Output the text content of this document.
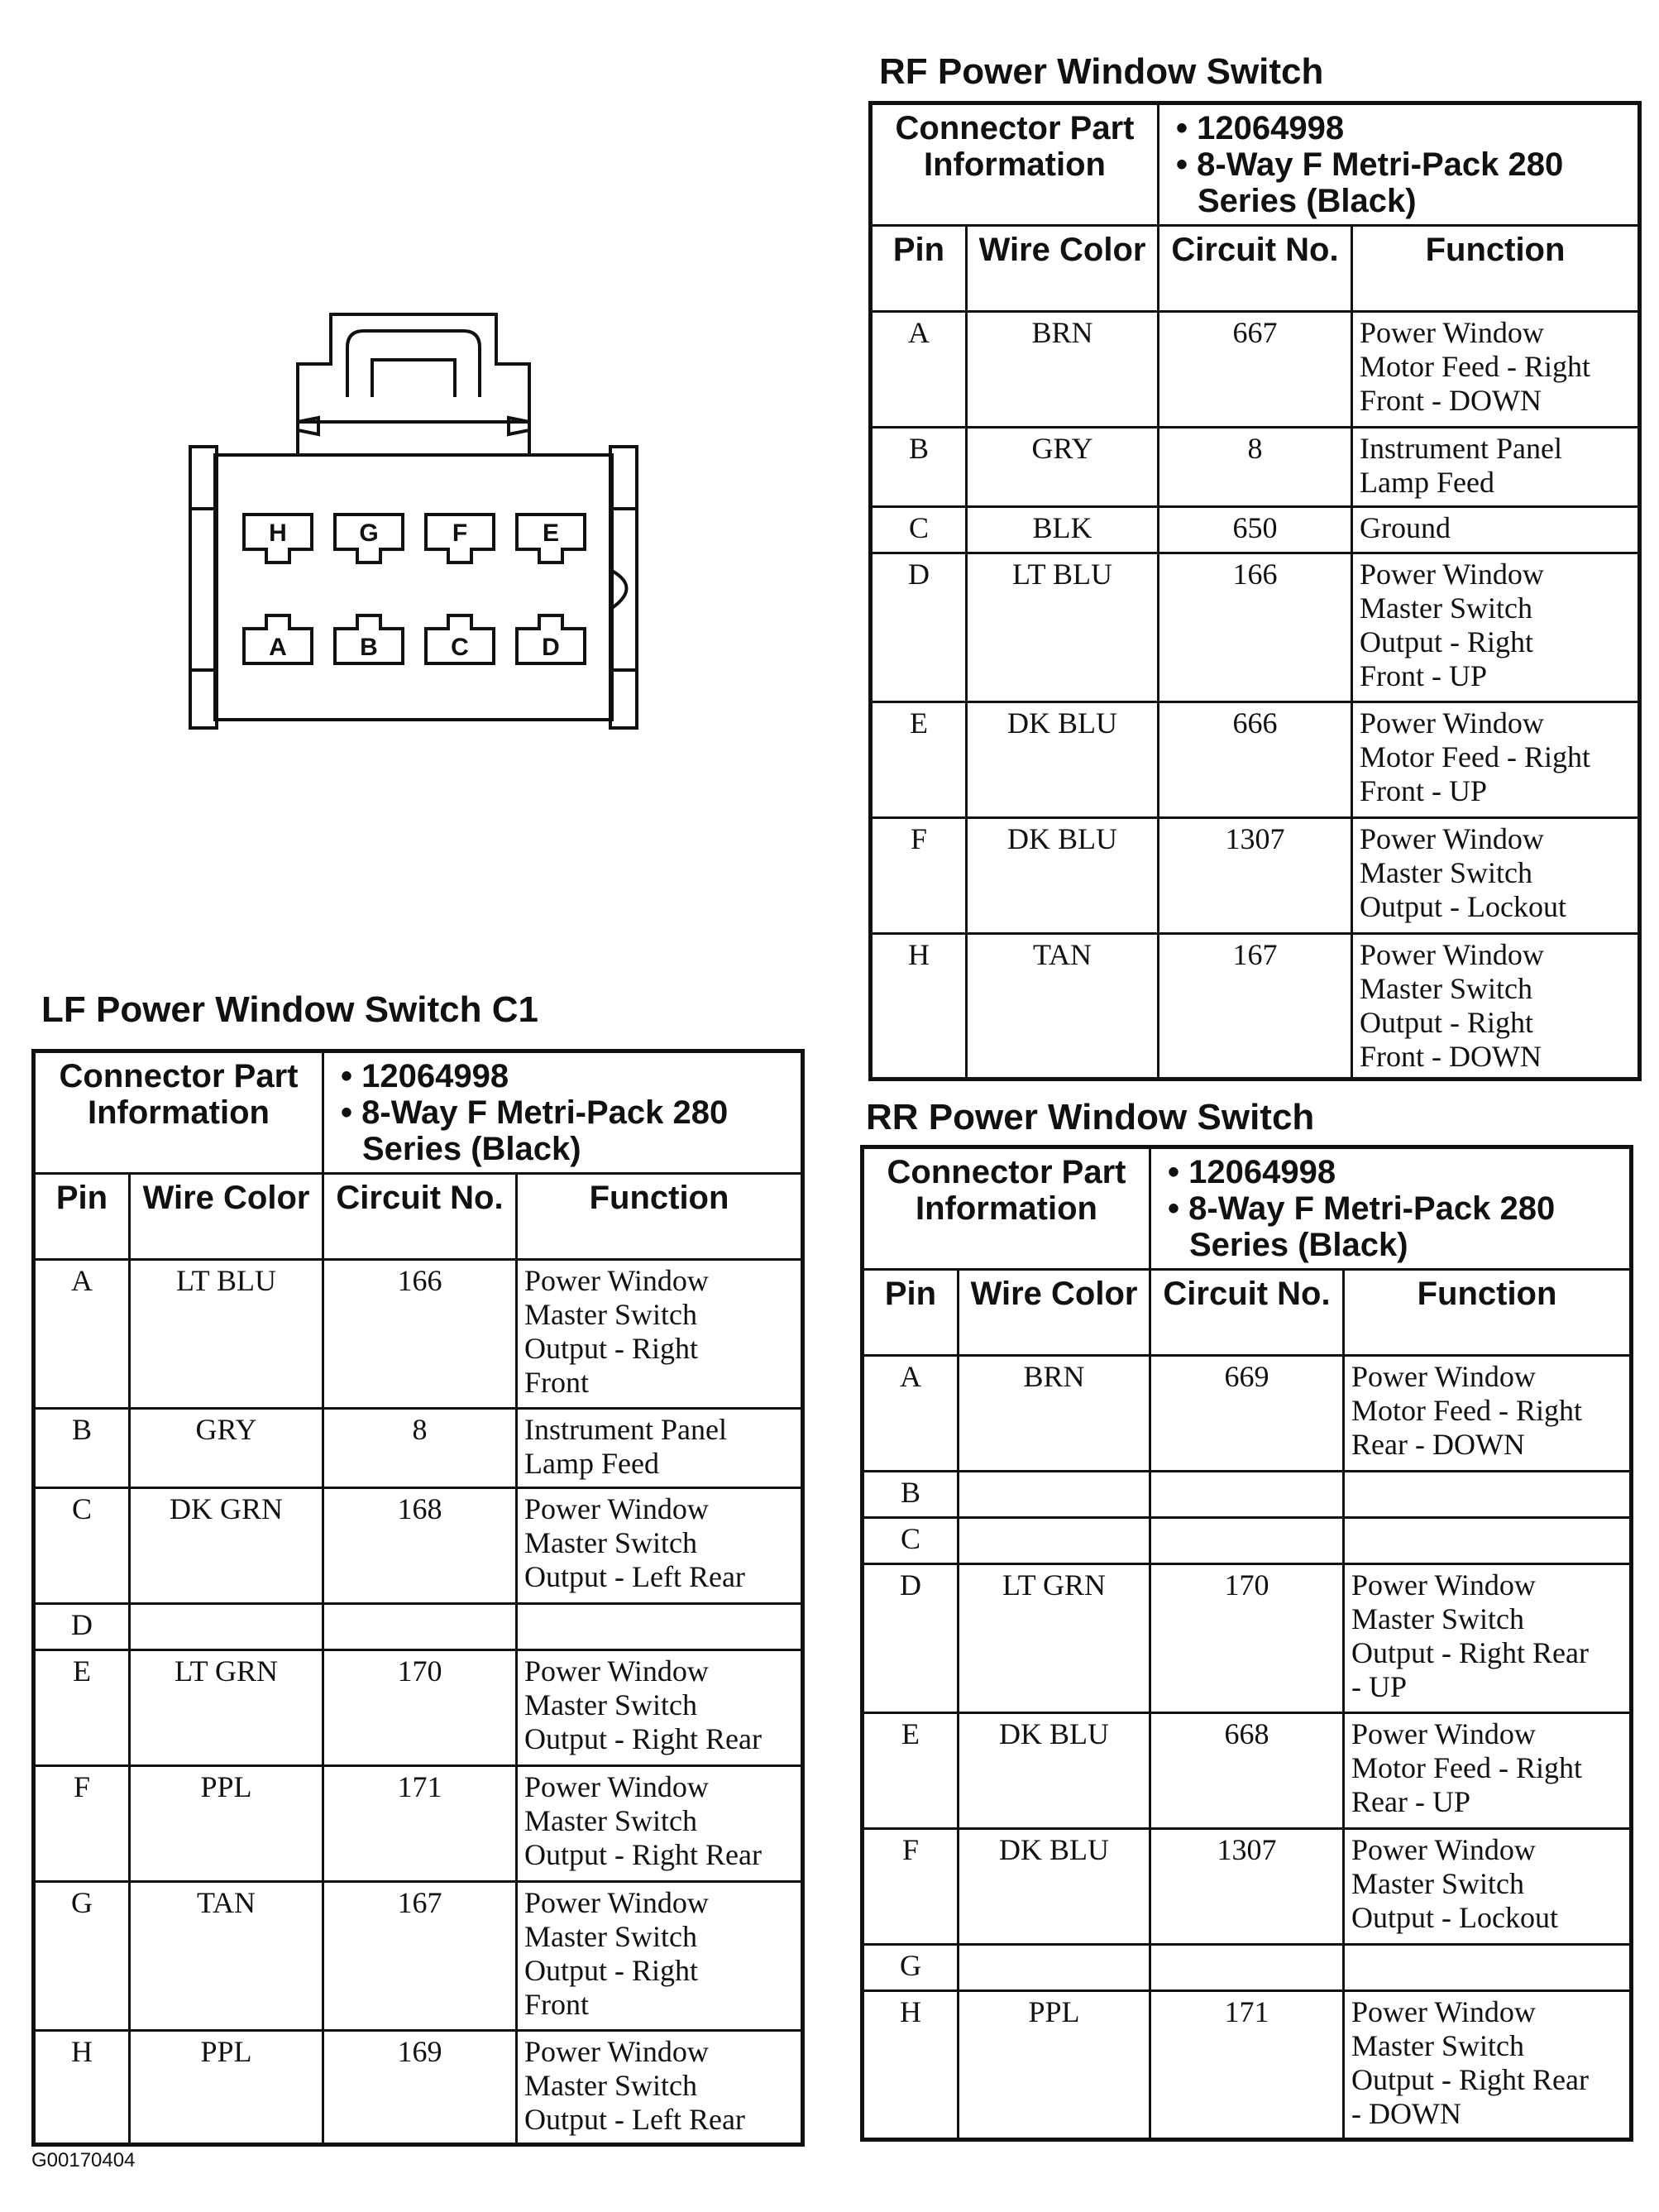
H	G	F	E
A	B	C	D
RF Power Window Switch
Connector Part Information		• 12064998
• 8-Way F Metri-Pack 280 Series (Black)

Pin	Wire Color	Circuit No.	Function
A	BRN	667	Power Window
Motor Feed - Right
Front - DOWN
B	GRY	8	Instrument Panel
Lamp Feed
C	BLK	650	Ground
D	LT BLU	166	Power Window
Master Switch
Output - Right
Front - UP
E	DK BLU	666	Power Window
Motor Feed - Right
Front - UP
F	DK BLU	1307	Power Window
Master Switch
Output - Lockout
H	TAN	167	Power Window
Master Switch
Output - Right
Front - DOWN
LF Power Window Switch C1
Connector Part Information		• 12064998
• 8-Way F Metri-Pack 280 Series (Black)

Pin	Wire Color	Circuit No.	Function
A	LT BLU	166	Power Window
Master Switch
Output - Right
Front
B	GRY	8	Instrument Panel
Lamp Feed
C	DK GRN	168	Power Window
Master Switch
Output - Left Rear
D			
E	LT GRN	170	Power Window
Master Switch
Output - Right Rear
F	PPL	171	Power Window
Master Switch
Output - Right Rear
G	TAN	167	Power Window
Master Switch
Output - Right
Front
H	PPL	169	Power Window
Master Switch
Output - Left Rear
RR Power Window Switch
Connector Part Information		• 12064998
• 8-Way F Metri-Pack 280 Series (Black)

Pin	Wire Color	Circuit No.	Function
A	BRN	669	Power Window
Motor Feed - Right
Rear - DOWN
B			
C			
D	LT GRN	170	Power Window
Master Switch
Output - Right Rear
- UP
E	DK BLU	668	Power Window
Motor Feed - Right
Rear - UP
F	DK BLU	1307	Power Window
Master Switch
Output - Lockout
G			
H	PPL	171	Power Window
Master Switch
Output - Right Rear
- DOWN
G00170404
